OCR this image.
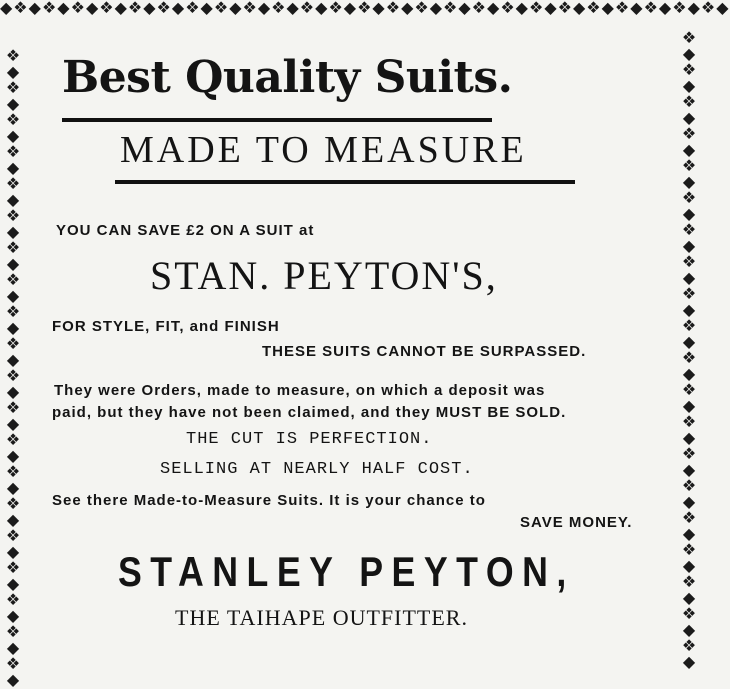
◆❖◆❖◆❖◆❖◆❖◆❖◆❖◆❖◆❖◆❖◆❖◆❖◆❖◆❖◆❖◆❖◆❖◆❖◆❖◆❖◆❖◆❖◆❖◆❖◆❖◆
❖◆❖◆❖◆❖◆❖◆❖◆❖◆❖◆❖◆❖◆❖◆❖◆❖◆❖◆❖◆❖◆❖◆❖◆❖◆❖◆
❖◆❖◆❖◆❖◆❖◆❖◆❖◆❖◆❖◆❖◆❖◆❖◆❖◆❖◆❖◆❖◆❖◆❖◆❖◆❖◆
Best Quality Suits.
MADE TO MEASURE
YOU CAN SAVE £2 ON A SUIT at
STAN. PEYTON'S,
FOR STYLE, FIT, and FINISH
THESE SUITS CANNOT BE SURPASSED.
They were Orders, made to measure, on which a deposit was
paid, but they have not been claimed, and they MUST BE SOLD.
THE CUT IS PERFECTION.
SELLING AT NEARLY HALF COST.
See there Made-to-Measure Suits. It is your chance to
SAVE MONEY.
STANLEY PEYTON,
THE TAIHAPE OUTFITTER.
